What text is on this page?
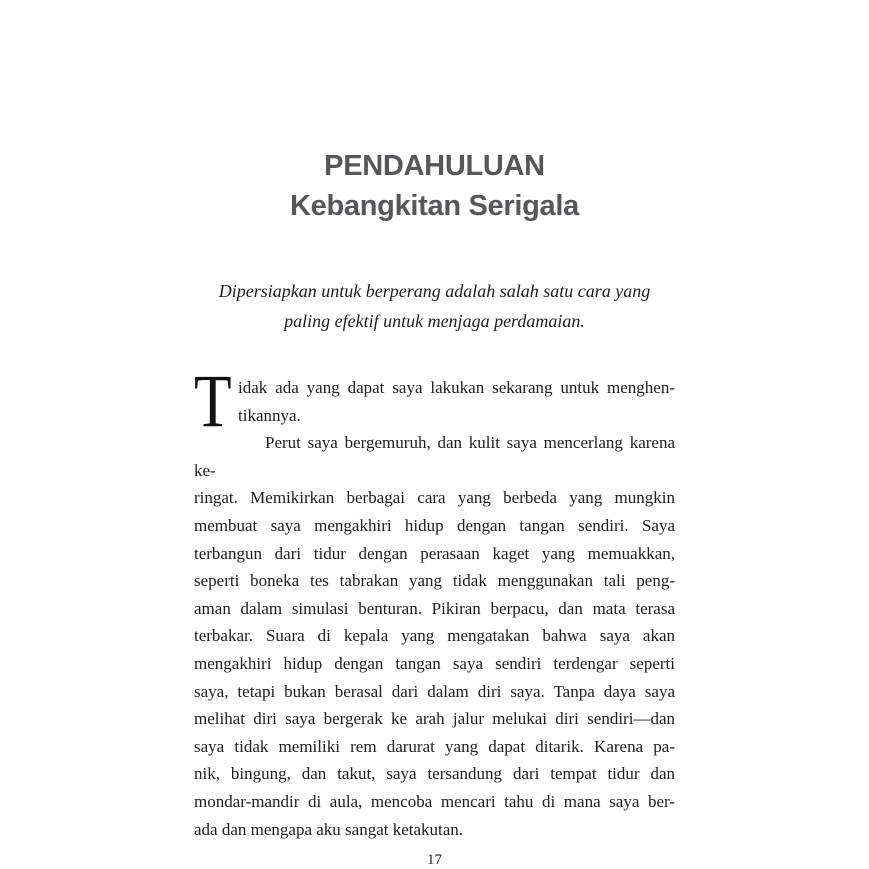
PENDAHULUAN
Kebangkitan Serigala
Dipersiapkan untuk berperang adalah salah satu cara yang
paling efektif untuk menjaga perdamaian.
T idak ada yang dapat saya lakukan sekarang untuk menghen-
tikannya.
Perut saya bergemuruh, dan kulit saya mencerlang karena ke-
ringat. Memikirkan berbagai cara yang berbeda yang mungkin
membuat saya mengakhiri hidup dengan tangan sendiri. Saya
terbangun dari tidur dengan perasaan kaget yang memuakkan,
seperti boneka tes tabrakan yang tidak menggunakan tali peng-
aman dalam simulasi benturan. Pikiran berpacu, dan mata terasa
terbakar. Suara di kepala yang mengatakan bahwa saya akan
mengakhiri hidup dengan tangan saya sendiri terdengar seperti
saya, tetapi bukan berasal dari dalam diri saya. Tanpa daya saya
melihat diri saya bergerak ke arah jalur melukai diri sendiri—dan
saya tidak memiliki rem darurat yang dapat ditarik. Karena pa-
nik, bingung, dan takut, saya tersandung dari tempat tidur dan
mondar-mandir di aula, mencoba mencari tahu di mana saya ber-
ada dan mengapa aku sangat ketakutan.
17
